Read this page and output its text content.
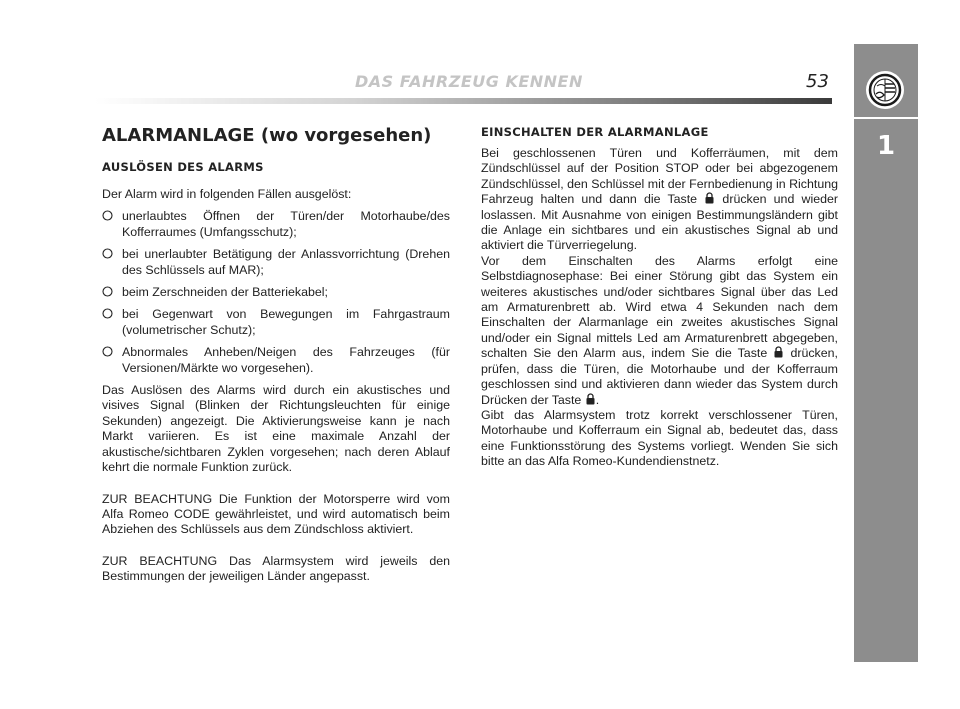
DAS FAHRZEUG KENNEN	53
1
ALARMANLAGE (wo vorgesehen)
AUSLÖSEN DES ALARMS

Der Alarm wird in folgenden Fällen ausgelöst:

unerlaubtes Öffnen der Türen/der Motorhaube/des Kofferraumes (Umfangsschutz);
bei unerlaubter Betätigung der Anlassvorrichtung (Drehen des Schlüssels auf MAR);
beim Zerschneiden der Batteriekabel;
bei Gegenwart von Bewegungen im Fahrgastraum (volumetrischer Schutz);
Abnormales Anheben/Neigen des Fahrzeuges (für Versionen/Märkte wo vorgesehen).

Das Auslösen des Alarms wird durch ein akustisches und visives Signal (Blinken der Richtungsleuchten für einige Sekunden) angezeigt. Die Aktivierungsweise kann je nach Markt variieren. Es ist eine maximale Anzahl der akustische/sichtbaren Zyklen vorgesehen; nach deren Ablauf kehrt die normale Funktion zurück.

ZUR BEACHTUNG Die Funktion der Motorsperre wird vom Alfa Romeo CODE gewährleistet, und wird automatisch beim Abziehen des Schlüssels aus dem Zündschloss aktiviert.

ZUR BEACHTUNG Das Alarmsystem wird jeweils den Bestimmungen der jeweiligen Länder angepasst.

EINSCHALTEN DER ALARMANLAGE

Bei geschlossenen Türen und Kofferräumen, mit dem Zündschlüssel auf der Position STOP oder bei abgezogenem Zündschlüssel, den Schlüssel mit der Fernbedienung in Richtung Fahrzeug halten und dann die Taste drücken und wieder loslassen. Mit Ausnahme von einigen Bestimmungsländern gibt die Anlage ein sichtbares und ein akustisches Signal ab und aktiviert die Türverriegelung.

Vor dem Einschalten des Alarms erfolgt eine Selbstdiagnosephase: Bei einer Störung gibt das System ein weiteres akustisches und/oder sichtbares Signal über das Led am Armaturenbrett ab. Wird etwa 4 Sekunden nach dem Einschalten der Alarmanlage ein zweites akustisches Signal und/oder ein Signal mittels Led am Armaturenbrett abgegeben, schalten Sie den Alarm aus, indem Sie die Taste drücken, prüfen, dass die Türen, die Motorhaube und der Kofferraum geschlossen sind und aktivieren dann wieder das System durch Drücken der Taste .

Gibt das Alarmsystem trotz korrekt verschlossener Türen, Motorhaube und Kofferraum ein Signal ab, bedeutet das, dass eine Funktionsstörung des Systems vorliegt. Wenden Sie sich bitte an das Alfa Romeo-Kundendienstnetz.
